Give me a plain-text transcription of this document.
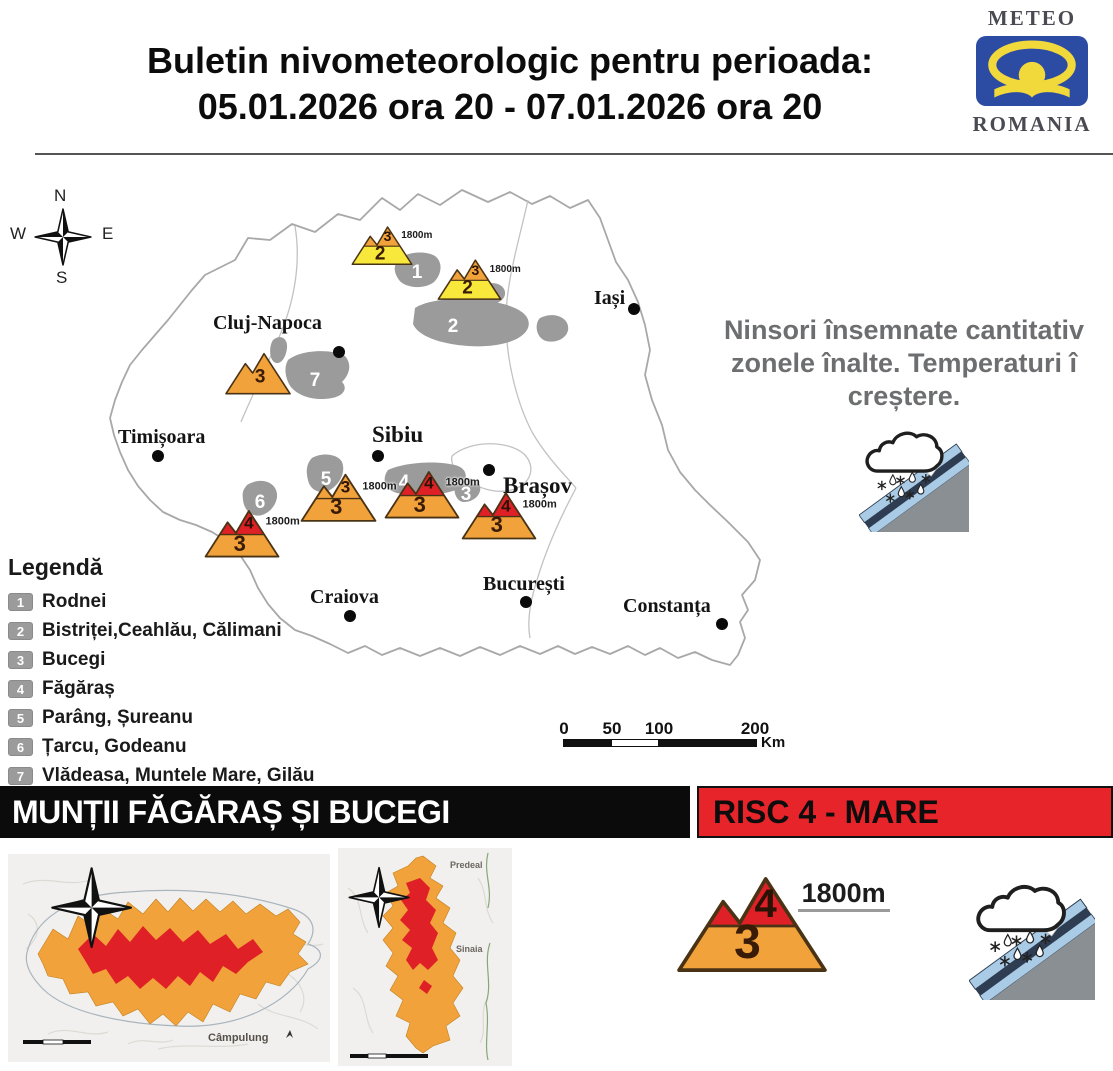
Buletin nivometeorologic pentru perioada:
05.01.2026 ora 20 - 07.01.2026 ora 20
METEO
ROMANIA
1
2
7
5	4
3
6
N
W	E
S
Cluj-Napoca
Iași
Timișoara	Sibiu
Brașov
Craiova
București
Constanța
Ninsori însemnate cantitativ
zonele înalte. Temperaturi î
creștere.
3
2
1800m
3
2
1800m
3
4
3
1800m
3
3
1800m 4
3
1800m
4
3
1800m
Legendă
1 Rodnei
2 Bistriței,Ceahlău, Călimani
3 Bucegi
4 Făgăraș
5 Parâng, Șureanu
6 Țarcu, Godeanu
7 Vlădeasa, Muntele Mare, Gilău
0 50 100	200
Km
MUNȚII FĂGĂRAȘ ȘI BUCEGI	RISC 4 - MARE
Câmpulung
Predeal
Sinaia
4
3
1800m
